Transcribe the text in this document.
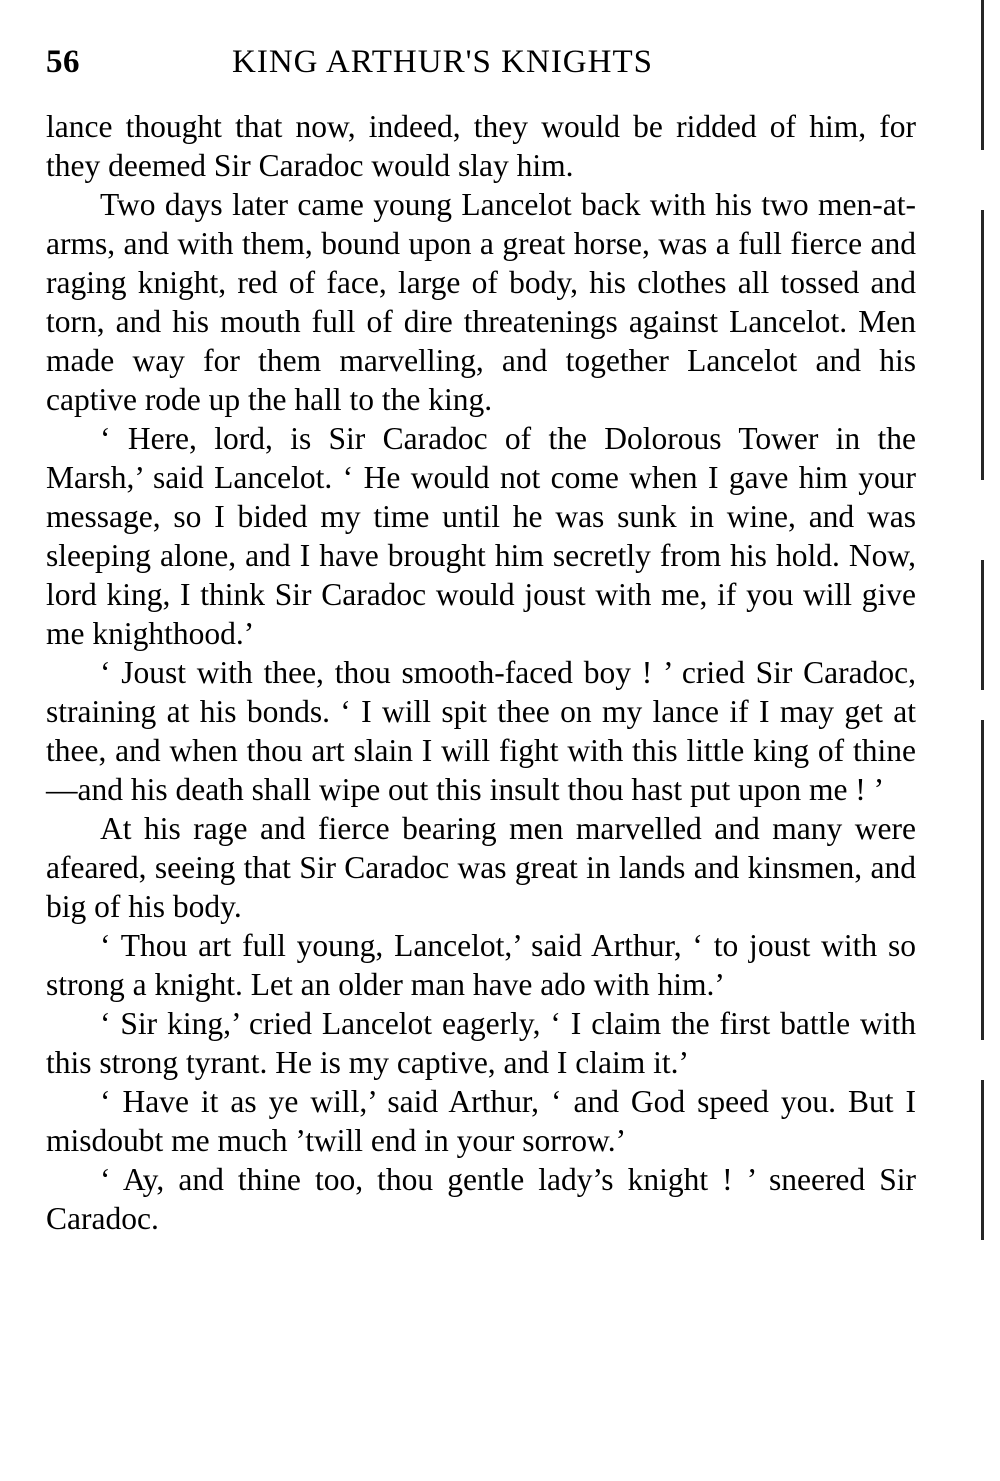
56	KING ARTHUR'S KNIGHTS

lance thought that now, indeed, they would be ridded of him, for they deemed Sir Caradoc would slay him.

Two days later came young Lancelot back with his two men-at-arms, and with them, bound upon a great horse, was a full fierce and raging knight, red of face, large of body, his clothes all tossed and torn, and his mouth full of dire threatenings against Lancelot. Men made way for them marvelling, and together Lancelot and his captive rode up the hall to the king.

‘ Here, lord, is Sir Caradoc of the Dolorous Tower in the Marsh,’ said Lancelot. ‘ He would not come when I gave him your message, so I bided my time until he was sunk in wine, and was sleeping alone, and I have brought him secretly from his hold. Now, lord king, I think Sir Caradoc would joust with me, if you will give me knighthood.’

‘ Joust with thee, thou smooth-faced boy ! ’ cried Sir Caradoc, straining at his bonds. ‘ I will spit thee on my lance if I may get at thee, and when thou art slain I will fight with this little king of thine—and his death shall wipe out this insult thou hast put upon me ! ’

At his rage and fierce bearing men marvelled and many were afeared, seeing that Sir Caradoc was great in lands and kinsmen, and big of his body.

‘ Thou art full young, Lancelot,’ said Arthur, ‘ to joust with so strong a knight. Let an older man have ado with him.’

‘ Sir king,’ cried Lancelot eagerly, ‘ I claim the first battle with this strong tyrant. He is my captive, and I claim it.’

‘ Have it as ye will,’ said Arthur, ‘ and God speed you. But I misdoubt me much ’twill end in your sorrow.’

‘ Ay, and thine too, thou gentle lady’s knight ! ’ sneered Sir Caradoc.
